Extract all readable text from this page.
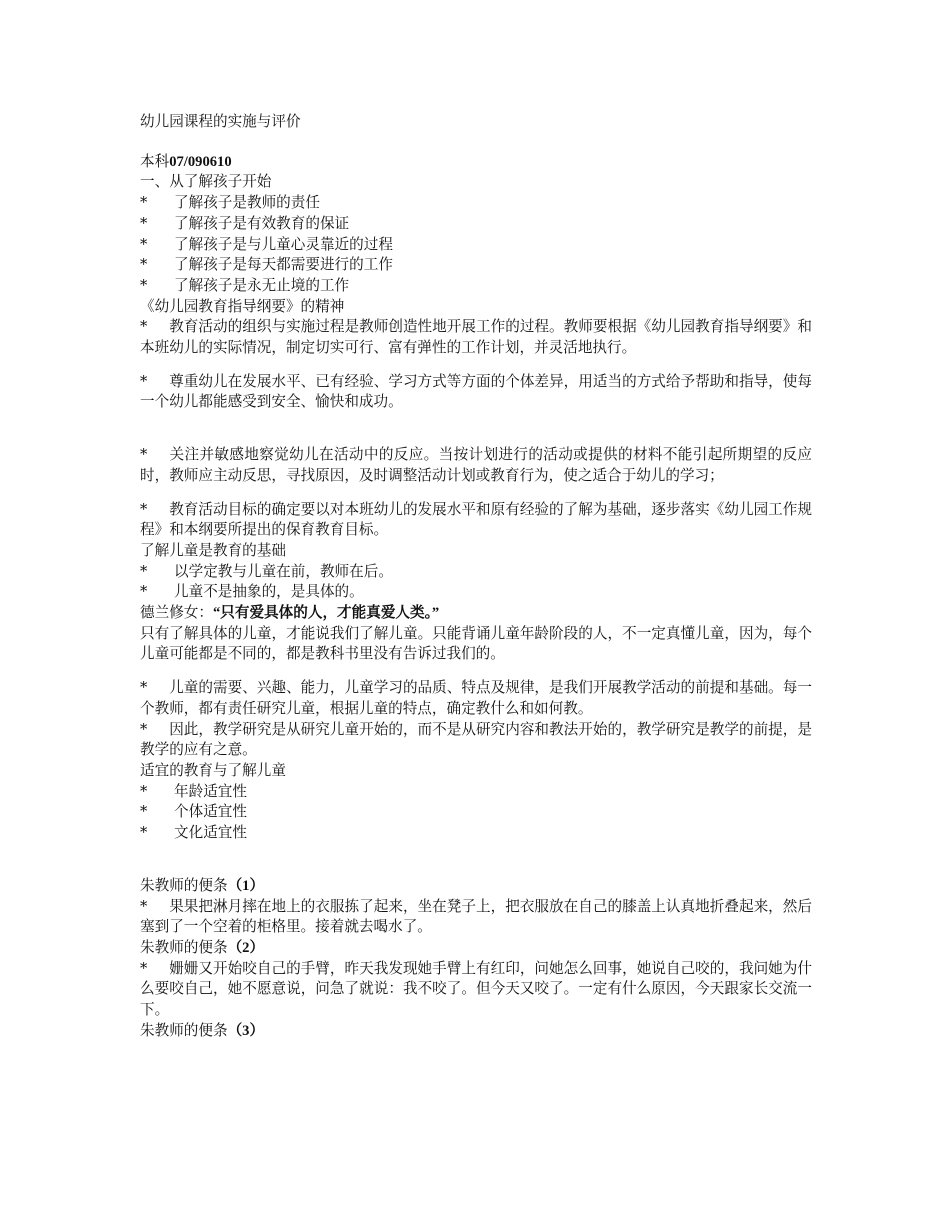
幼儿园课程的实施与评价
本科07/090610
一、从了解孩子开始
* 了解孩子是教师的责任
* 了解孩子是有效教育的保证
* 了解孩子是与儿童心灵靠近的过程
* 了解孩子是每天都需要进行的工作
* 了解孩子是永无止境的工作
《幼儿园教育指导纲要》的精神
*   教育活动的组织与实施过程是教师创造性地开展工作的过程。教师要根据《幼儿园教育指导纲要》和本班幼儿的实际情况，制定切实可行、富有弹性的工作计划，并灵活地执行。
*   尊重幼儿在发展水平、已有经验、学习方式等方面的个体差异，用适当的方式给予帮助和指导，使每一个幼儿都能感受到安全、愉快和成功。
*   关注并敏感地察觉幼儿在活动中的反应。当按计划进行的活动或提供的材料不能引起所期望的反应时，教师应主动反思，寻找原因，及时调整活动计划或教育行为，使之适合于幼儿的学习；
*   教育活动目标的确定要以对本班幼儿的发展水平和原有经验的了解为基础，逐步落实《幼儿园工作规程》和本纲要所提出的保育教育目标。
了解儿童是教育的基础
* 以学定教与儿童在前，教师在后。
* 儿童不是抽象的，是具体的。
德兰修女：“只有爱具体的人，才能真爱人类。”
只有了解具体的儿童，才能说我们了解儿童。只能背诵儿童年龄阶段的人，不一定真懂儿童，因为，每个儿童可能都是不同的，都是教科书里没有告诉过我们的。
*   儿童的需要、兴趣、能力，儿童学习的品质、特点及规律，是我们开展教学活动的前提和基础。每一个教师，都有责任研究儿童，根据儿童的特点，确定教什么和如何教。
*   因此，教学研究是从研究儿童开始的，而不是从研究内容和教法开始的，教学研究是教学的前提，是教学的应有之意。
适宜的教育与了解儿童
* 年龄适宜性
* 个体适宜性
* 文化适宜性
朱教师的便条（1）
*   果果把淋月摔在地上的衣服拣了起来，坐在凳子上，把衣服放在自己的膝盖上认真地折叠起来，然后塞到了一个空着的柜格里。接着就去喝水了。
朱教师的便条（2）
*   姗姗又开始咬自己的手臂，昨天我发现她手臂上有红印，问她怎么回事，她说自己咬的，我问她为什么要咬自己，她不愿意说，问急了就说：我不咬了。但今天又咬了。一定有什么原因，今天跟家长交流一下。
朱教师的便条（3）
